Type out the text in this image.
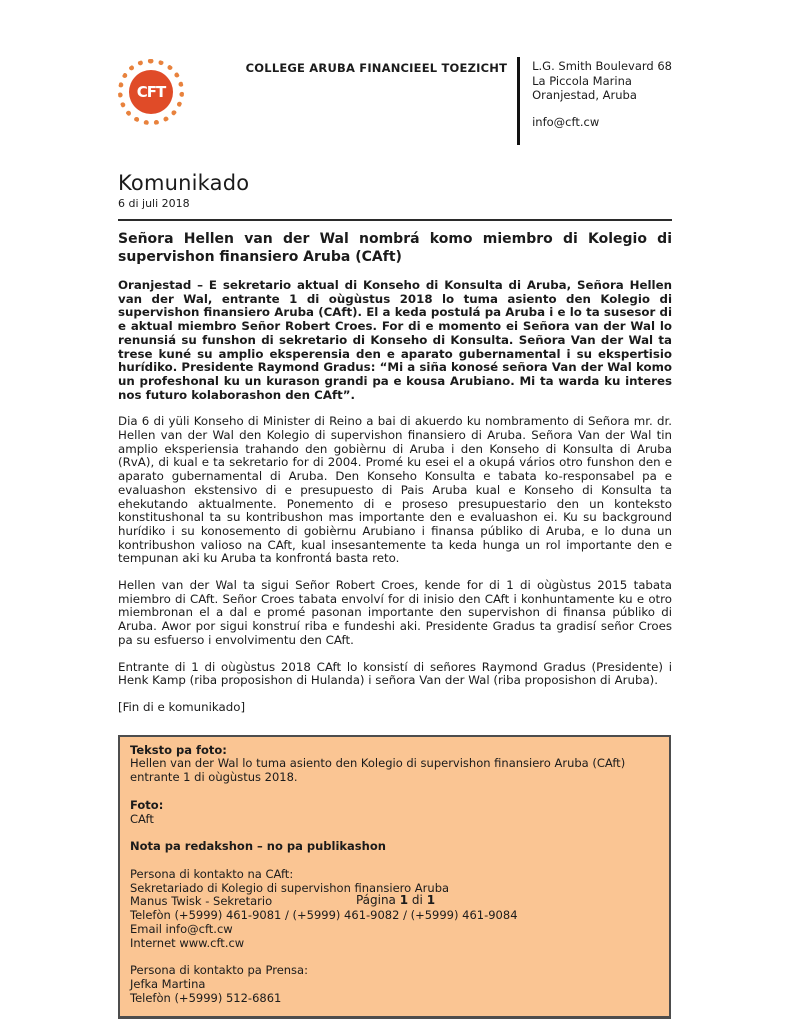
CFT
COLLEGE ARUBA FINANCIEEL TOEZICHT L.G. Smith Boulevard 68
La Piccola Marina
Oranjestad, Aruba
info@cft.cw
Komunikado
6 di juli 2018
Señora Hellen van der Wal nombrá komo miembro di Kolegio di supervishon finansiero Aruba (CAft)

Oranjestad – E sekretario aktual di Konseho di Konsulta di Aruba, Señora Hellen van der Wal, entrante 1 di oùgùstus 2018 lo tuma asiento den Kolegio di supervishon finansiero Aruba (CAft). El a keda postulá pa Aruba i e lo ta susesor di e aktual miembro Señor Robert Croes. For di e momento ei Señora van der Wal lo renunsiá su funshon di sekretario di Konseho di Konsulta. Señora Van der Wal ta trese kuné su amplio eksperensia den e aparato gubernamental i su ekspertisio hurídiko. Presidente Raymond Gradus: “Mi a siña konosé señora Van der Wal komo un profeshonal ku un kurason grandi pa e kousa Arubiano. Mi ta warda ku interes nos futuro kolaborashon den CAft”.

Dia 6 di yüli Konseho di Minister di Reino a bai di akuerdo ku nombramento di Señora mr. dr. Hellen van der Wal den Kolegio di supervishon finansiero di Aruba. Señora Van der Wal tin amplio eksperiensia trahando den gobièrnu di Aruba i den Konseho di Konsulta di Aruba (RvA), di kual e ta sekretario for di 2004. Promé ku esei el a okupá vários otro funshon den e aparato gubernamental di Aruba. Den Konseho Konsulta e tabata ko-responsabel pa e evaluashon ekstensivo di e presupuesto di Pais Aruba kual e Konseho di Konsulta ta ehekutando aktualmente. Ponemento di e proseso presupuestario den un konteksto konstitushonal ta su kontribushon mas importante den e evaluashon ei. Ku su background hurídiko i su konosemento di gobièrnu Arubiano i finansa públiko di Aruba, e lo duna un kontribushon valioso na CAft, kual insesantemente ta keda hunga un rol importante den e tempunan aki ku Aruba ta konfrontá basta reto.

Hellen van der Wal ta sigui Señor Robert Croes, kende for di 1 di oùgùstus 2015 tabata miembro di CAft. Señor Croes tabata envolví for di inisio den CAft i konhuntamente ku e otro miembronan el a dal e promé pasonan importante den supervishon di finansa públiko di Aruba. Awor por sigui konstruí riba e fundeshi aki. Presidente Gradus ta gradisí señor Croes pa su esfuerso i envolvimentu den CAft.

Entrante di 1 di oùgùstus 2018 CAft lo konsistí di señores Raymond Gradus (Presidente) i Henk Kamp (riba proposishon di Hulanda) i señora Van der Wal (riba proposishon di Aruba).

[Fin di e komunikado]

Teksto pa foto:
Hellen van der Wal lo tuma asiento den Kolegio di supervishon finansiero Aruba (CAft) entrante 1 di oùgùstus 2018.
Foto:
CAft
Nota pa redakshon – no pa publikashon
Persona di kontakto na CAft:
Sekretariado di Kolegio di supervishon finansiero Aruba
Manus Twisk - Sekretario
Telefòn (+5999) 461-9081 / (+5999) 461-9082 / (+5999) 461-9084
Email info@cft.cw
Internet www.cft.cw
Persona di kontakto pa Prensa:
Jefka Martina
Telefòn (+5999) 512-6861
Página 1 di 1
